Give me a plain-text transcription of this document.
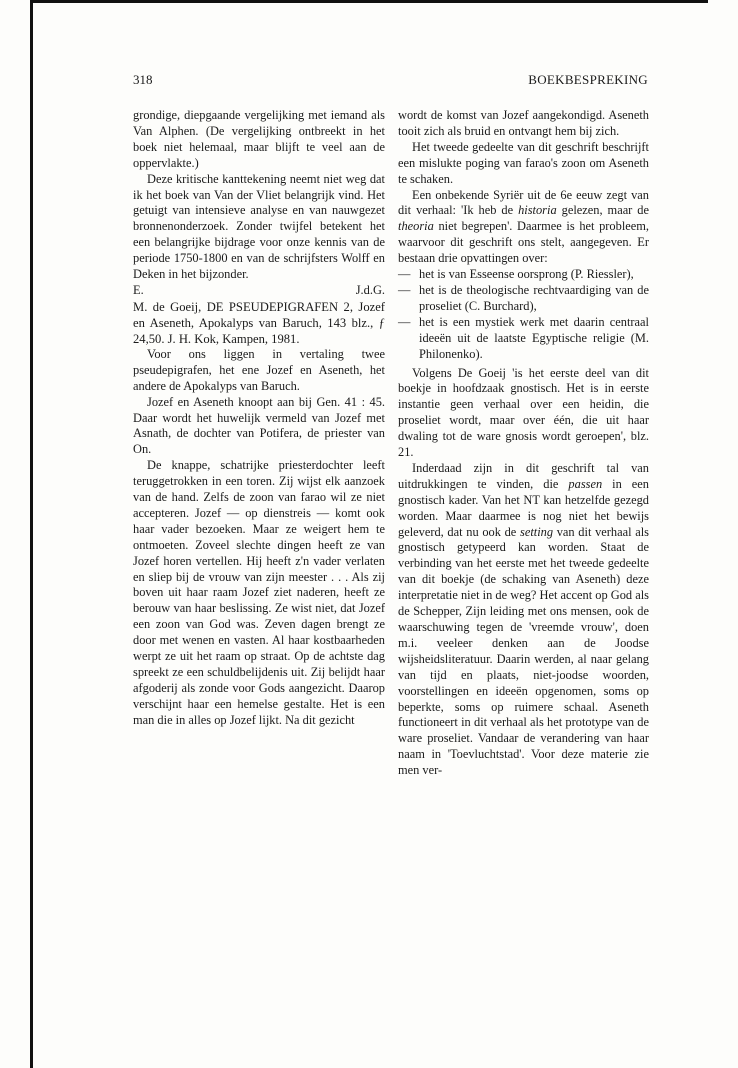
318	BOEKBESPREKING

grondige, diepgaande vergelijking met iemand als Van Alphen. (De vergelijking ontbreekt in het boek niet helemaal, maar blijft te veel aan de oppervlakte.)

Deze kritische kanttekening neemt niet weg dat ik het boek van Van der Vliet belangrijk vind. Het getuigt van intensieve analyse en van nauwgezet bronnenonderzoek. Zonder twijfel betekent het een belangrijke bijdrage voor onze kennis van de periode 1750-1800 en van de schrijfsters Wolff en Deken in het bijzonder.

E.	J.d.G.

M. de Goeij, DE PSEUDEPIGRAFEN 2, Jozef en Aseneth, Apokalyps van Baruch, 143 blz., ƒ 24,50. J. H. Kok, Kampen, 1981.

Voor ons liggen in vertaling twee pseudepigrafen, het ene Jozef en Aseneth, het andere de Apokalyps van Baruch.

Jozef en Aseneth knoopt aan bij Gen. 41 : 45. Daar wordt het huwelijk vermeld van Jozef met Asnath, de dochter van Potifera, de priester van On.

De knappe, schatrijke priesterdochter leeft teruggetrokken in een toren. Zij wijst elk aanzoek van de hand. Zelfs de zoon van farao wil ze niet accepteren. Jozef — op dienstreis — komt ook haar vader bezoeken. Maar ze weigert hem te ontmoeten. Zoveel slechte dingen heeft ze van Jozef horen vertellen. Hij heeft z'n vader verlaten en sliep bij de vrouw van zijn meester . . . Als zij boven uit haar raam Jozef ziet naderen, heeft ze berouw van haar beslissing. Ze wist niet, dat Jozef een zoon van God was. Zeven dagen brengt ze door met wenen en vasten. Al haar kostbaarheden werpt ze uit het raam op straat. Op de achtste dag spreekt ze een schuldbelijdenis uit. Zij belijdt haar afgoderij als zonde voor Gods aangezicht. Daarop verschijnt haar een hemelse gestalte. Het is een man die in alles op Jozef lijkt. Na dit gezicht

wordt de komst van Jozef aangekondigd. Aseneth tooit zich als bruid en ontvangt hem bij zich.

Het tweede gedeelte van dit geschrift beschrijft een mislukte poging van farao's zoon om Aseneth te schaken.

Een onbekende Syriër uit de 6e eeuw zegt van dit verhaal: 'Ik heb de historia gelezen, maar de theoria niet begrepen'. Daarmee is het probleem, waarvoor dit geschrift ons stelt, aangegeven. Er bestaan drie opvattingen over:

— het is van Esseense oorsprong (P. Riessler),
— het is de theologische rechtvaardiging van de proseliet (C. Burchard),
— het is een mystiek werk met daarin centraal ideeën uit de laatste Egyptische religie (M. Philonenko).

Volgens De Goeij 'is het eerste deel van dit boekje in hoofdzaak gnostisch. Het is in eerste instantie geen verhaal over een heidin, die proseliet wordt, maar over één, die uit haar dwaling tot de ware gnosis wordt geroepen', blz. 21.

Inderdaad zijn in dit geschrift tal van uitdrukkingen te vinden, die passen in een gnostisch kader. Van het NT kan hetzelfde gezegd worden. Maar daarmee is nog niet het bewijs geleverd, dat nu ook de setting van dit verhaal als gnostisch getypeerd kan worden. Staat de verbinding van het eerste met het tweede gedeelte van dit boekje (de schaking van Aseneth) deze interpretatie niet in de weg? Het accent op God als de Schepper, Zijn leiding met ons mensen, ook de waarschuwing tegen de 'vreemde vrouw', doen m.i. veeleer denken aan de Joodse wijsheidsliteratuur. Daarin werden, al naar gelang van tijd en plaats, niet-joodse woorden, voorstellingen en ideeën opgenomen, soms op beperkte, soms op ruimere schaal. Aseneth functioneert in dit verhaal als het prototype van de ware proseliet. Vandaar de verandering van haar naam in 'Toevluchtstad'. Voor deze materie zie men ver-
